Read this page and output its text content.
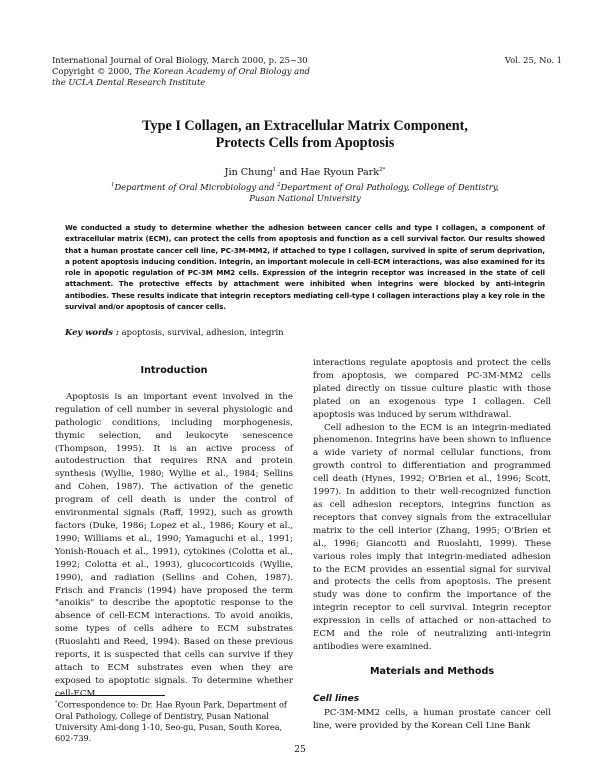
International Journal of Oral Biology, March 2000, p. 25~30
Copyright © 2000, The Korean Academy of Oral Biology and
the UCLA Dental Research Institute
Vol. 25, No. 1
Type I Collagen, an Extracellular Matrix Component,
Protects Cells from Apoptosis
Jin Chung$^1$ and Hae Ryoun Park$^{2*}$
$^1$Department of Oral Microbiology and $^2$Department of Oral Pathology, College of Dentistry,
Pusan National University
We conducted a study to determine whether the adhesion between cancer cells and type I collagen, a component of extracellular matrix (ECM), can protect the cells from apoptosis and function as a cell survival factor. Our results showed that a human prostate cancer cell line, PC-3M-MM2, if attached to type I collagen, survived in spite of serum deprivation, a potent apoptosis inducing condition. Integrin, an important molecule in cell-ECM interactions, was also examined for its role in apopotic regulation of PC-3M MM2 cells. Expression of the integrin receptor was increased in the state of cell attachment. The protective effects by attachment were inhibited when integrins were blocked by anti-integrin antibodies. These results indicate that integrin receptors mediating cell-type I collagen interactions play a key role in the survival and/or apoptosis of cancer cells.
Key words : apoptosis, survival, adhesion, integrin
Introduction

Apoptosis is an important event involved in the regulation of cell number in several physiologic and pathologic conditions, including morphogenesis, thymic selection, and leukocyte senescence (Thompson, 1995). It is an active process of autodestruction that requires RNA and protein synthesis (Wyllie, 1980; Wyllie et al., 1984; Sellins and Cohen, 1987). The activation of the genetic program of cell death is under the control of environmental signals (Raff, 1992), such as growth factors (Duke, 1986; Lopez et al., 1986; Koury et al., 1990; Williams et al., 1990; Yamaguchi et al., 1991; Yonish-Rouach et al., 1991), cytokines (Colotta et al., 1992; Colotta et al., 1993), glucocorticoids (Wyllie, 1990), and radiation (Sellins and Cohen, 1987). Frisch and Francis (1994) have proposed the term "anoikis" to describe the apoptotic response to the absence of cell-ECM interactions. To avoid anoikis, some types of cells adhere to ECM substrates (Ruoslahti and Reed, 1994). Based on these previous reports, it is suspected that cells can survive if they attach to ECM substrates even when they are exposed to apoptotic signals. To determine whether cell-ECM

interactions regulate apoptosis and protect the cells from apoptosis, we compared PC-3M-MM2 cells plated directly on tissue culture plastic with those plated on an exogenous type I collagen. Cell apoptosis was induced by serum withdrawal.

Cell adhesion to the ECM is an integrin-mediated phenomenon. Integrins have been shown to influence a wide variety of normal cellular functions, from growth control to differentiation and programmed cell death (Hynes, 1992; O'Brien et al., 1996; Scott, 1997). In addition to their well-recognized function as cell adhesion receptors, integrins function as receptors that convey signals from the extracellular matrix to the cell interior (Zhang, 1995; O'Brien et al., 1996; Giancotti and Ruoslahti, 1999). These various roles imply that integrin-mediated adhesion to the ECM provides an essential signal for survival and protects the cells from apoptosis. The present study was done to confirm the importance of the integrin receptor to cell survival. Integrin receptor expression in cells of attached or non-attached to ECM and the role of neutralizing anti-integrin antibodies were examined.

Materials and Methods
Cell lines

PC-3M-MM2 cells, a human prostate cancer cell line, were provided by the Korean Cell Line Bank

*Correspondence to: Dr. Hae Ryoun Park, Department of Oral Pathology, College of Dentistry, Pusan National University Ami-dong 1-10, Seo-gu, Pusan, South Korea, 602-739.
25
